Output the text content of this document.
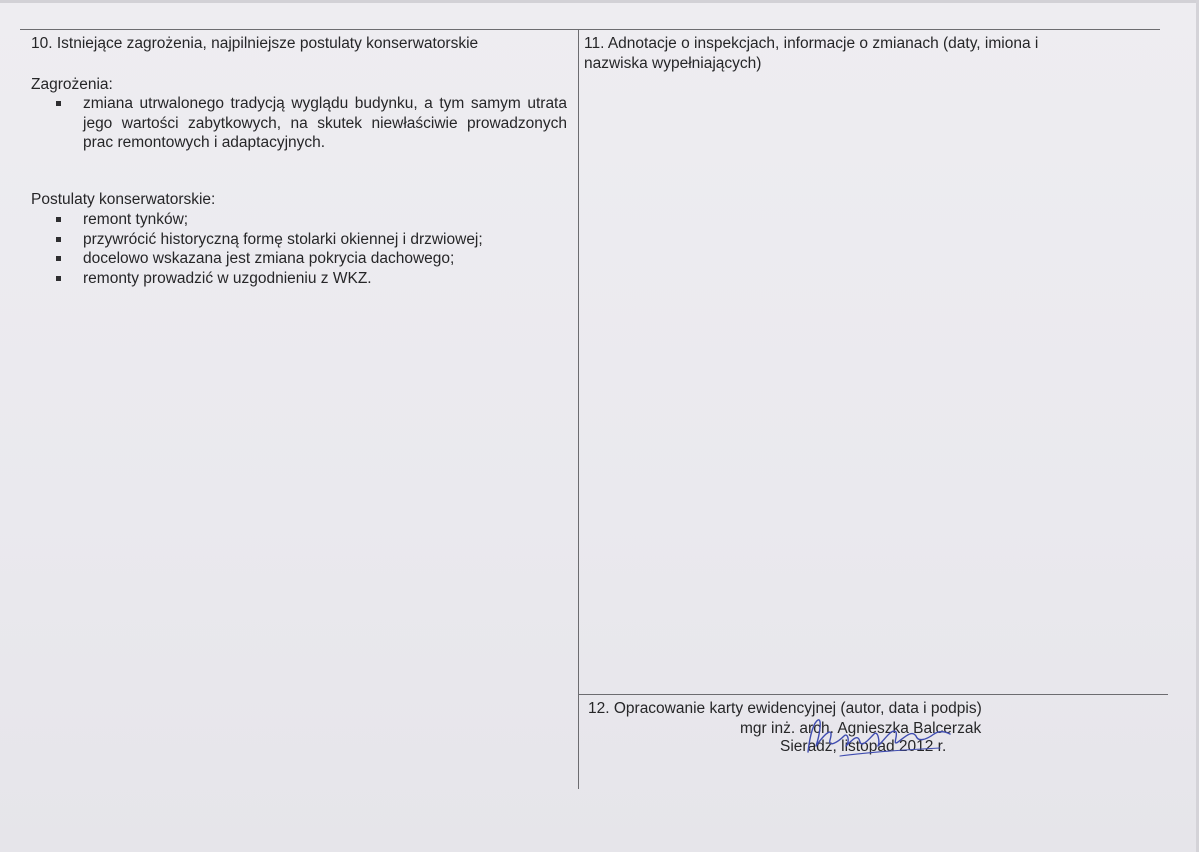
10. Istniejące zagrożenia, najpilniejsze postulaty konserwatorskie
Zagrożenia:
zmiana utrwalonego tradycją wyglądu budynku, a tym samym utrata jego wartości zabytkowych, na skutek niewłaściwie prowadzonych prac remontowych i adaptacyjnych.
Postulaty konserwatorskie:
remont tynków;
przywrócić historyczną formę stolarki okiennej i drzwiowej;
docelowo wskazana jest zmiana pokrycia dachowego;
remonty prowadzić w uzgodnieniu z WKZ.
11. Adnotacje o inspekcjach, informacje o zmianach (daty, imiona i nazwiska wypełniających)
12. Opracowanie karty ewidencyjnej (autor, data i podpis)
mgr inż. arch. Agnieszka Balcerzak
Sieradz, listopad 2012 r.
